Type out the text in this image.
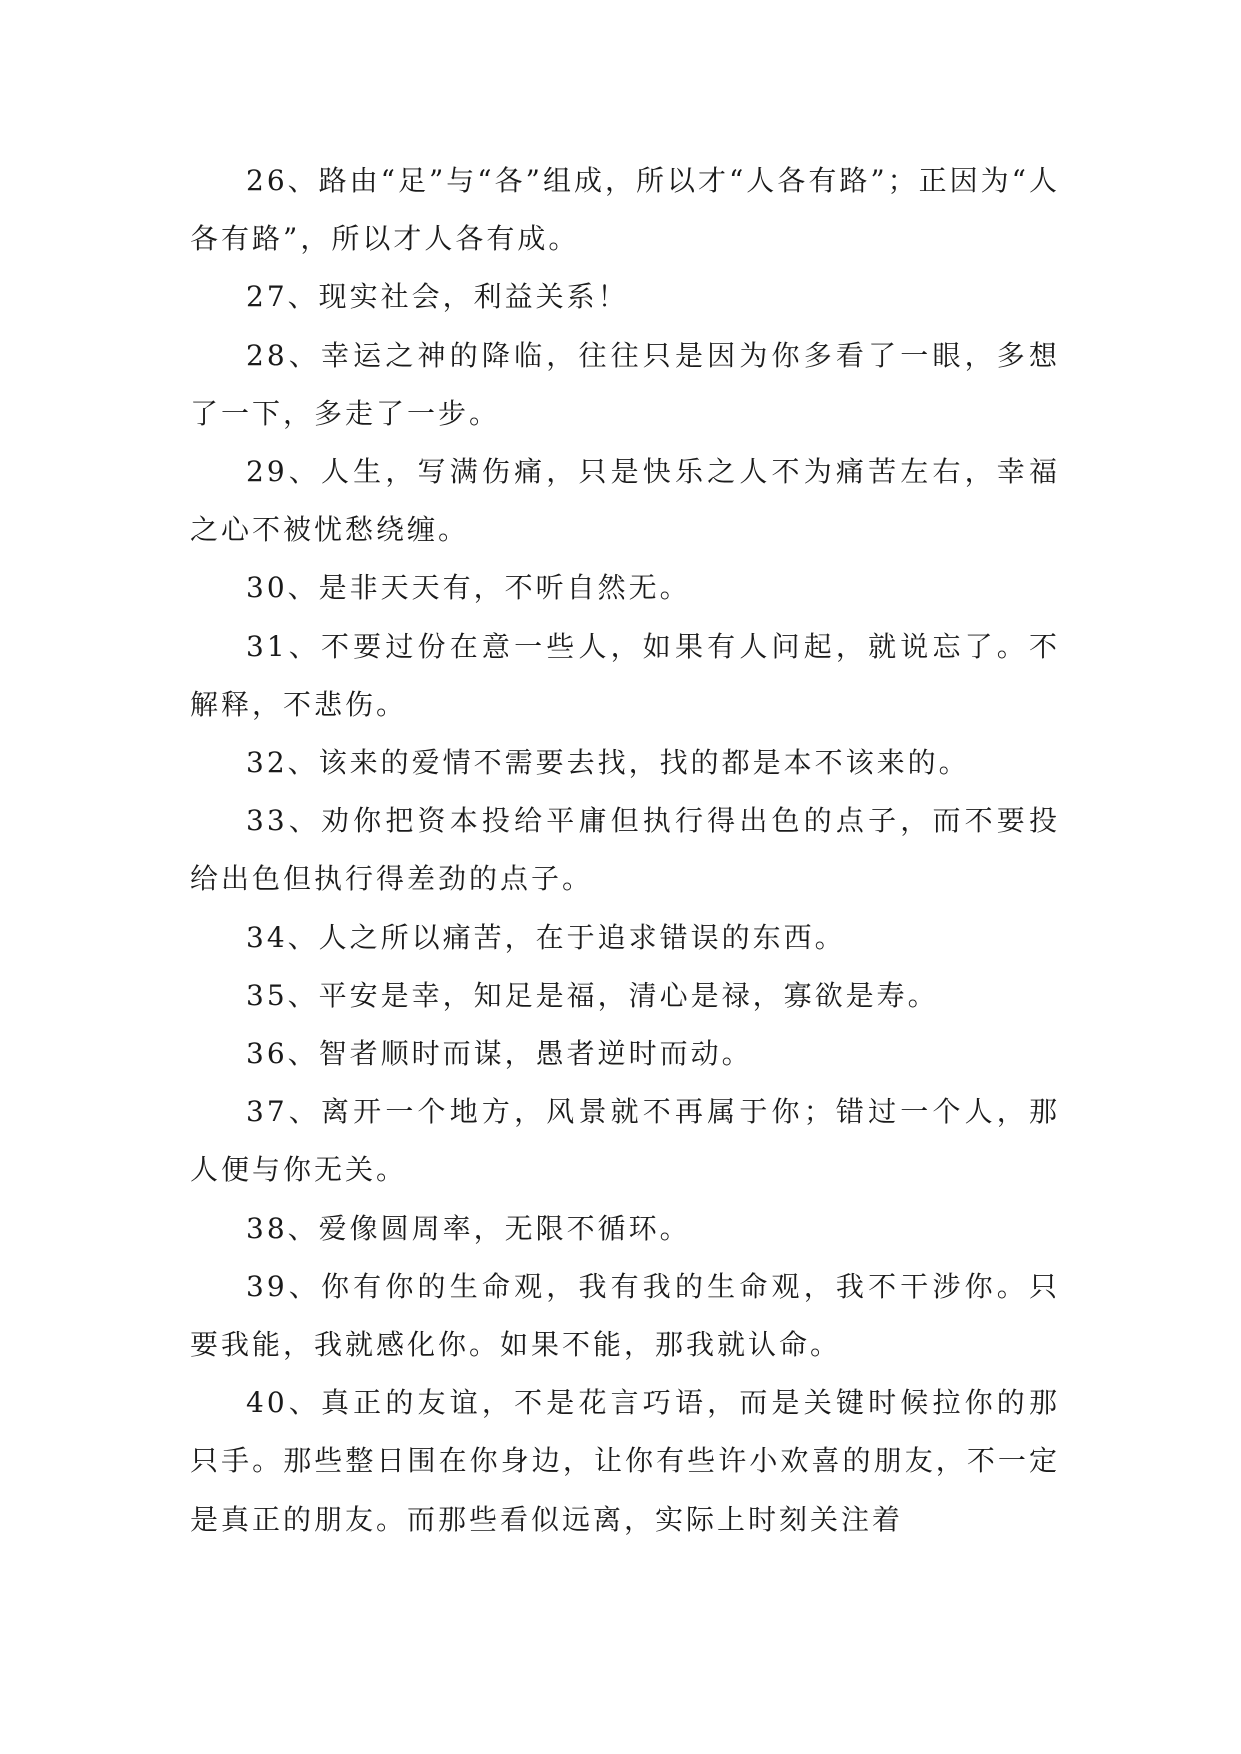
26、路由“足”与“各”组成，所以才“人各有路”；正因为“人各有路”，所以才人各有成。

27、现实社会，利益关系！

28、幸运之神的降临，往往只是因为你多看了一眼，多想了一下，多走了一步。

29、人生，写满伤痛，只是快乐之人不为痛苦左右，幸福之心不被忧愁绕缠。

30、是非天天有，不听自然无。

31、不要过份在意一些人，如果有人问起，就说忘了。不解释，不悲伤。

32、该来的爱情不需要去找，找的都是本不该来的。

33、劝你把资本投给平庸但执行得出色的点子，而不要投给出色但执行得差劲的点子。

34、人之所以痛苦，在于追求错误的东西。

35、平安是幸，知足是福，清心是禄，寡欲是寿。

36、智者顺时而谋，愚者逆时而动。

37、离开一个地方，风景就不再属于你；错过一个人，那人便与你无关。

38、爱像圆周率，无限不循环。

39、你有你的生命观，我有我的生命观，我不干涉你。只要我能，我就感化你。如果不能，那我就认命。

40、真正的友谊，不是花言巧语，而是关键时候拉你的那只手。那些整日围在你身边，让你有些许小欢喜的朋友，不一定是真正的朋友。而那些看似远离，实际上时刻关注着
